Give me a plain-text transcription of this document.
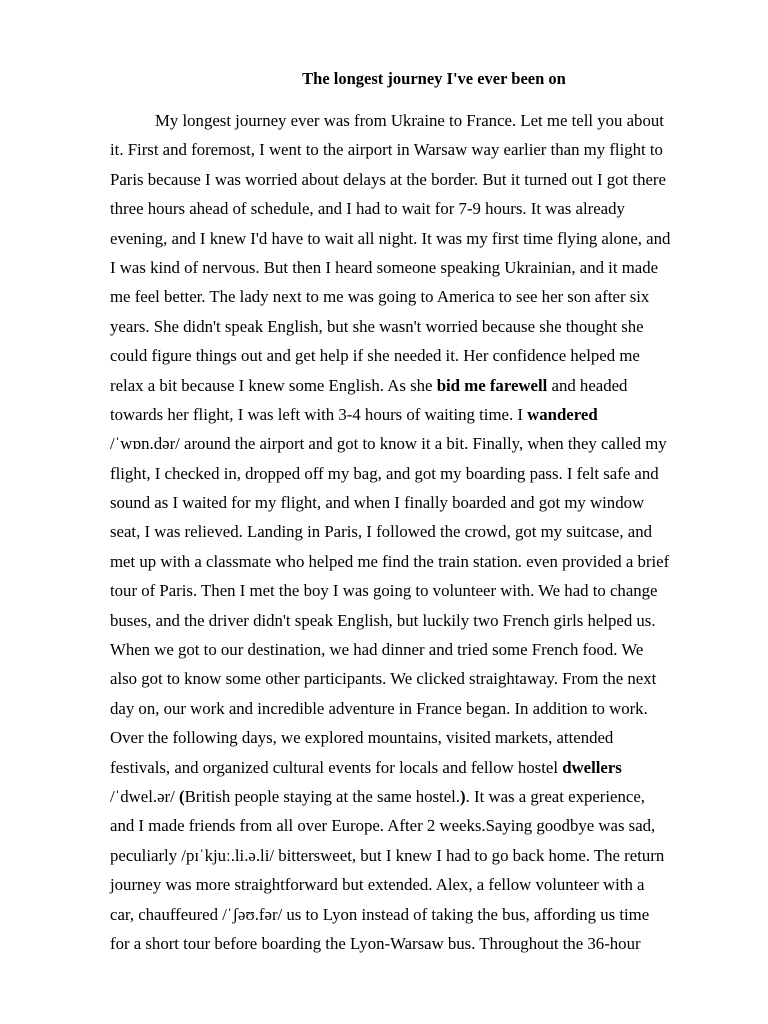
The longest journey I've ever been on
My longest journey ever was from Ukraine to France. Let me tell you about
it. First and foremost, I went to the airport in Warsaw way earlier than my flight to
Paris because I was worried about delays at the border. But it turned out I got there
three hours ahead of schedule, and I had to wait for 7-9 hours. It was already
evening, and I knew I'd have to wait all night. It was my first time flying alone, and
I was kind of nervous. But then I heard someone speaking Ukrainian, and it made
me feel better. The lady next to me was going to America to see her son after six
years. She didn't speak English, but she wasn't worried because she thought she
could figure things out and get help if she needed it. Her confidence helped me
relax a bit because I knew some English. As she bid me farewell and headed
towards her flight, I was left with 3-4 hours of waiting time. I wandered
/ˈwɒn.dər/ around the airport and got to know it a bit. Finally, when they called my
flight, I checked in, dropped off my bag, and got my boarding pass. I felt safe and
sound as I waited for my flight, and when I finally boarded and got my window
seat, I was relieved. Landing in Paris, I followed the crowd, got my suitcase, and
met up with a classmate who helped me find the train station. even provided a brief
tour of Paris. Then I met the boy I was going to volunteer with. We had to change
buses, and the driver didn't speak English, but luckily two French girls helped us.
When we got to our destination, we had dinner and tried some French food. We
also got to know some other participants. We clicked straightaway. From the next
day on, our work and incredible adventure in France began. In addition to work.
Over the following days, we explored mountains, visited markets, attended
festivals, and organized cultural events for locals and fellow hostel dwellers
/ˈdwel.ər/ (British people staying at the same hostel.). It was a great experience,
and I made friends from all over Europe. After 2 weeks.Saying goodbye was sad,
peculiarly /pɪˈkjuː.li.ə.li/ bittersweet, but I knew I had to go back home. The return
journey was more straightforward but extended. Alex, a fellow volunteer with a
car, chauffeured /ˈʃəʊ.fər/ us to Lyon instead of taking the bus, affording us time
for a short tour before boarding the Lyon-Warsaw bus. Throughout the 36-hour
